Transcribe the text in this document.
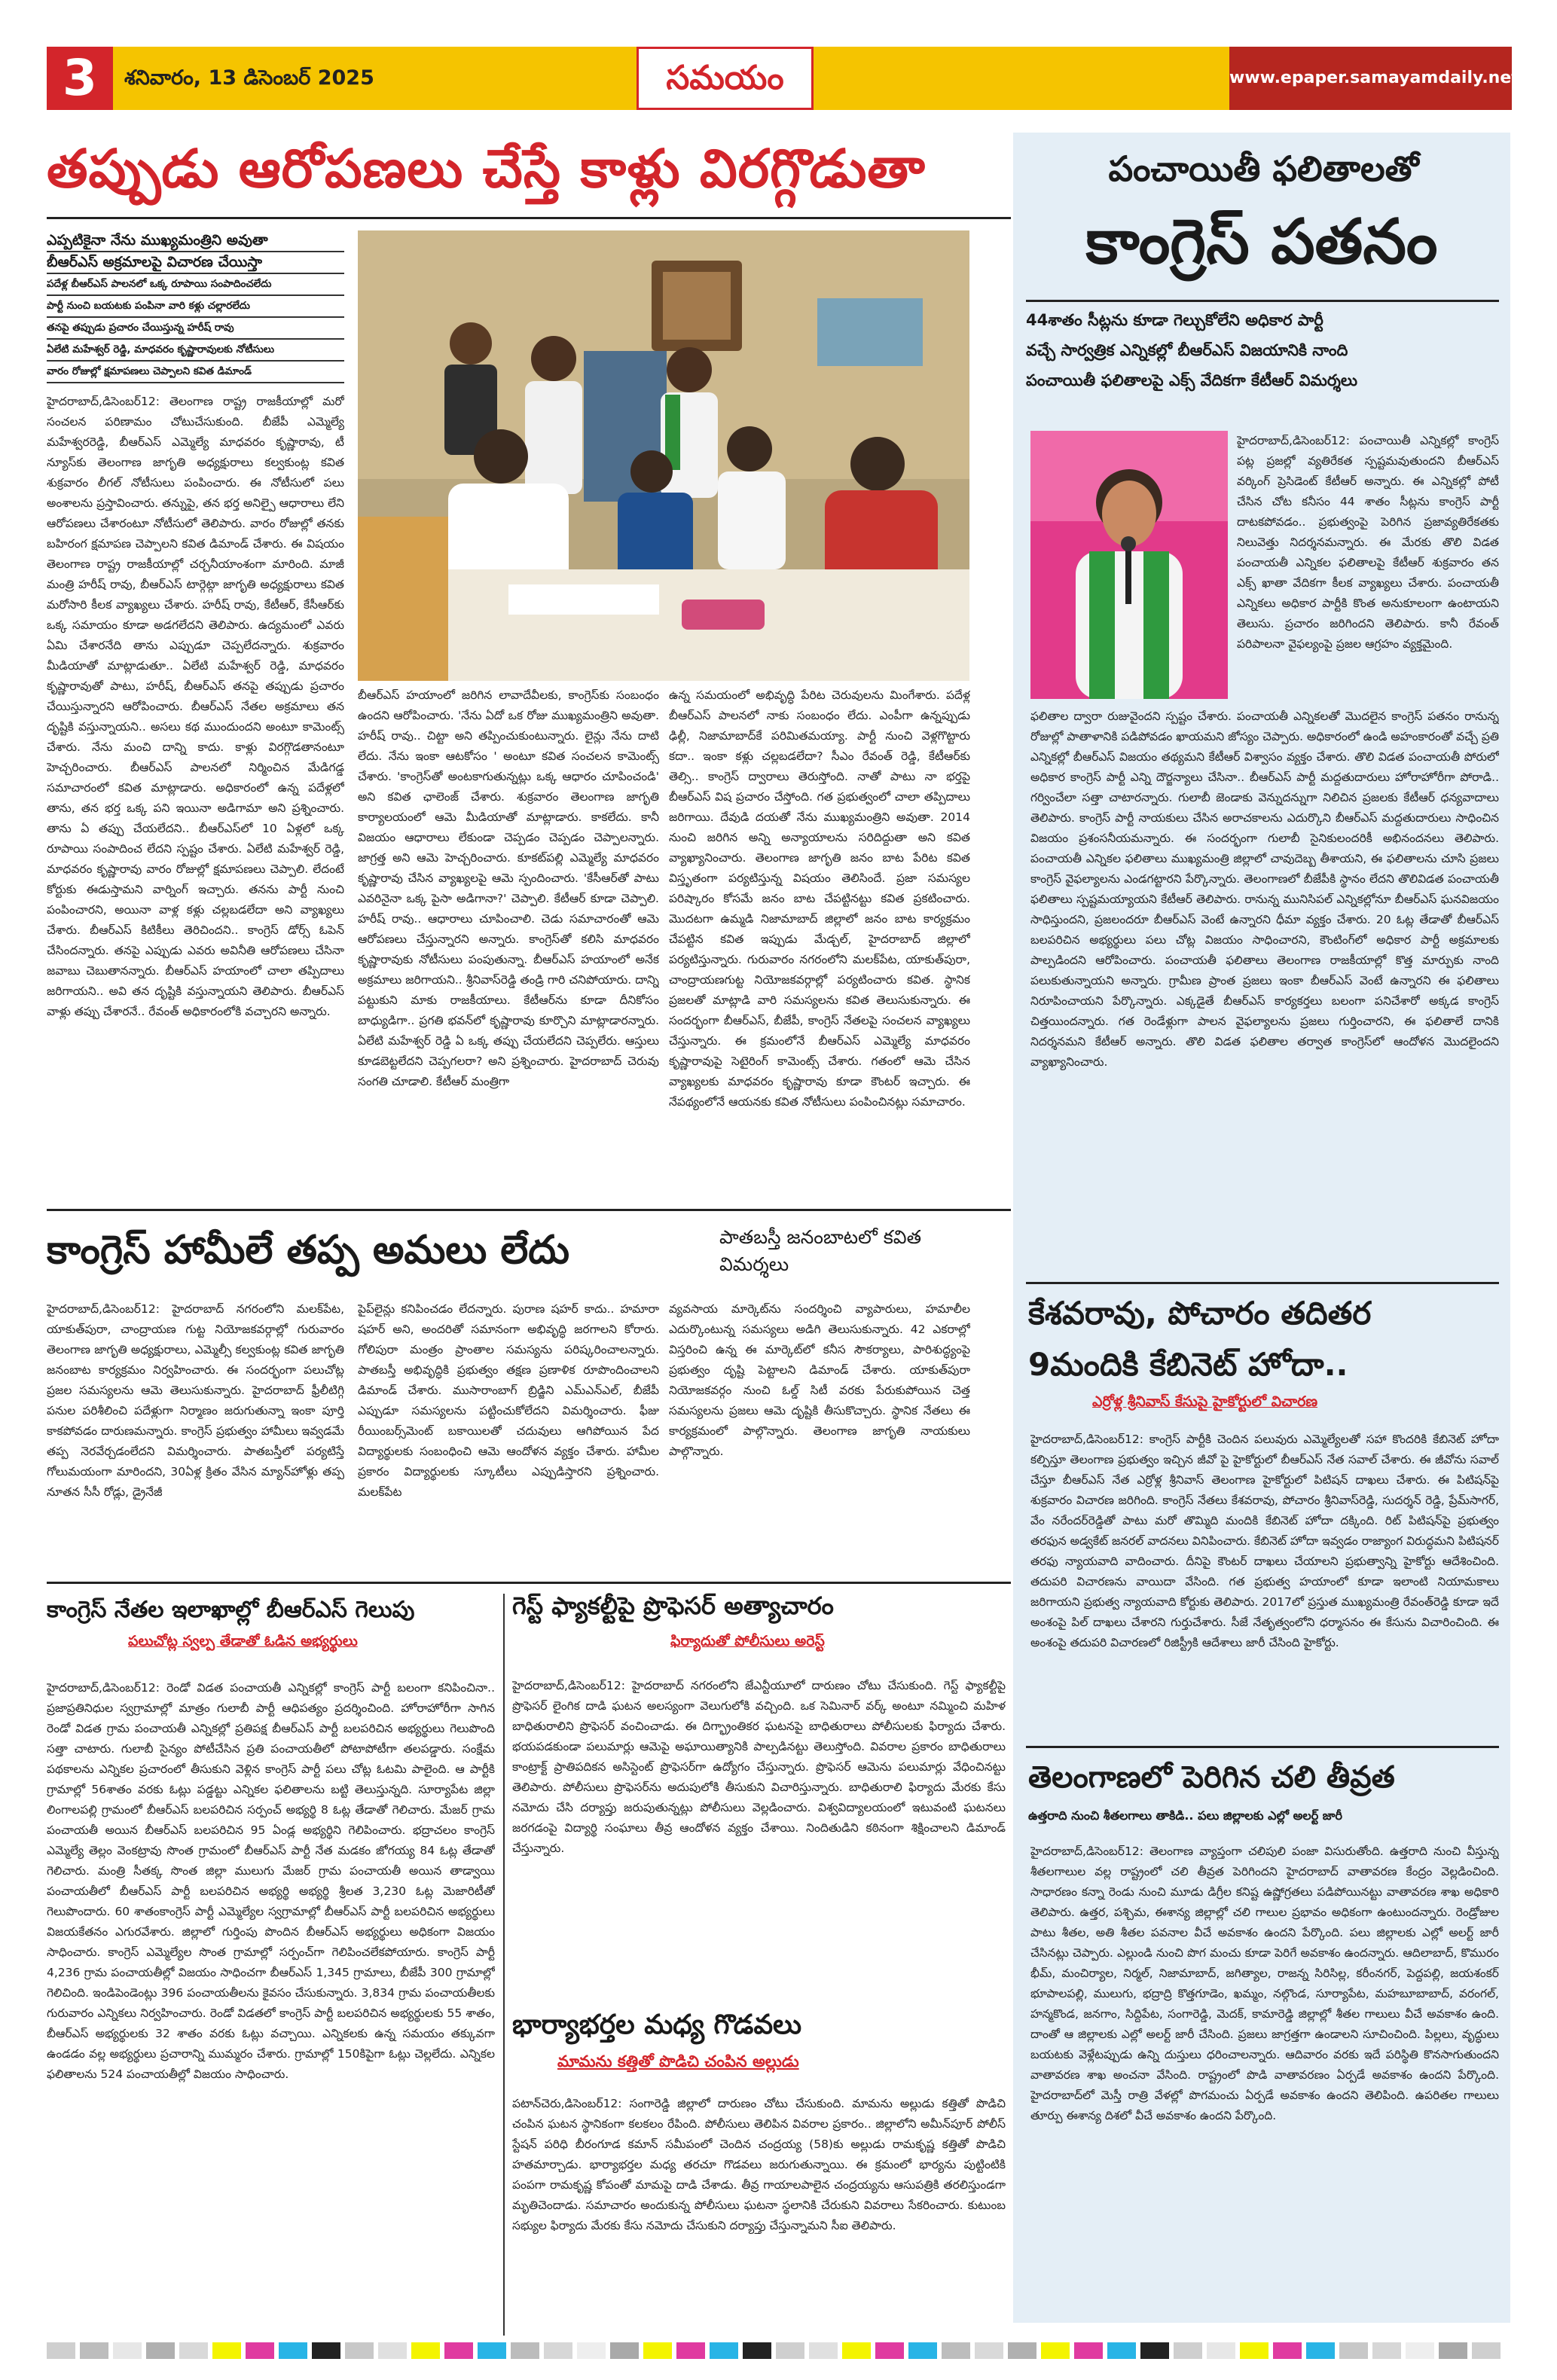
3	శనివారం, 13 డిసెంబర్ 2025	సమయం	www.epaper.samayamdaily.net
తప్పుడు ఆరోపణలు చేస్తే కాళ్లు విరగ్గొడుతా
ఎప్పటికైనా నేను ముఖ్యమంత్రిని అవుతా
బీఆర్ఎస్ అక్రమాలపై విచారణ చేయిస్తా
పదేళ్ల బీఆర్ఎస్ పాలనలో ఒక్క రూపాయి సంపాదించలేదు
పార్టీ నుంచి బయటకు పంపినా వారి కళ్లు చల్లారలేదు
తనపై తప్పుడు ప్రచారం చేయిస్తున్న హరీష్ రావు
ఏలేటి మహేశ్వర్ రెడ్డి, మాధవరం కృష్ణారావులకు నోటీసులు
వారం రోజుల్లో క్షమాపణలు చెప్పాలని కవిత డిమాండ్
హైదరాబాద్,డిసెంబర్12: తెలంగాణ రాష్ట్ర రాజకీయాల్లో మరో సంచలన పరిణామం చోటుచేసుకుంది. బీజేపీ ఎమ్మెల్యే మహేశ్వరరెడ్డి, బీఆర్ఎస్ ఎమ్మెల్యే మాధవరం కృష్ణారావు, టీ న్యూస్‌కు తెలంగాణ జాగృతి అధ్యక్షురాలు కల్వకుంట్ల కవిత శుక్రవారం లీగల్ నోటీసులు పంపించారు. ఈ నోటీసులో పలు అంశాలను ప్రస్తావించారు. తన్నుపై, తన భర్త అనిల్పై ఆధారాలు లేని ఆరోపణలు చేశారంటూ నోటీసులో తెలిపారు. వారం రోజుల్లో తనకు బహిరంగ క్షమాపణ చెప్పాలని కవిత డిమాండ్ చేశారు. ఈ విషయం తెలంగాణ రాష్ట్ర రాజకీయాల్లో చర్చనీయాంశంగా మారింది. మాజీ మంత్రి హరీష్ రావు, బీఆర్ఎస్ టార్గెట్గా జాగృతి అధ్యక్షురాలు కవిత మరోసారి కీలక వ్యాఖ్యలు చేశారు. హరీష్ రావు, కేటీఆర్, కేసీఆర్‌కు ఒక్క సమాయం కూడా అడగలేదని తెలిపారు. ఉద్యమంలో ఎవరు ఏమి చేశారనేది తాను ఎప్పుడూ చెప్పలేదన్నారు. శుక్రవారం మీడియాతో మాట్లాడుతూ.. ఏలేటి మహేశ్వర్ రెడ్డి, మాధవరం కృష్ణారావుతో పాటు, హరీష్, బీఆర్ఎస్ తనపై తప్పుడు ప్రచారం చేయిస్తున్నారని ఆరోపించారు. బీఆర్ఎస్ నేతల అక్రమాలు తన దృష్టికి వస్తున్నాయని.. అసలు కథ ముందుందని అంటూ కామెంట్స్ చేశారు. నేను మంచి దాన్ని కాదు. కాళ్లు విరగ్గొడతానంటూ హెచ్చరించారు. బీఆర్ఎస్ పాలనలో నిర్మించిన మేడిగడ్డ సమాచారంలో కవిత మాట్లాడారు. అధికారంలో ఉన్న పదేళ్లలో తాను, తన భర్త ఒక్క పని ఇయినా అడిగామా అని ప్రశ్నించారు. తాను ఏ తప్పు చేయలేదని.. బీఆర్ఎస్‌లో 10 ఏళ్లలో ఒక్క రూపాయి సంపాదించ లేదని స్పష్టం చేశారు. ఏలేటి మహేశ్వర్ రెడ్డి, మాధవరం కృష్ణారావు వారం రోజుల్లో క్షమాపణలు చెప్పాలి. లేదంటే కోర్టుకు ఈడుస్తామని వార్నింగ్ ఇచ్చారు. తనను పార్టీ నుంచి పంపించారని, అయినా వాళ్ల కళ్లు చల్లబడలేదా అని వ్యాఖ్యలు చేశారు. బీఆర్ఎస్ కిటికీలు తెరిచిందని.. కాంగ్రెస్ డోర్స్ ఓపెన్ చేసిందన్నారు. తనపై ఎప్పుడు ఎవరు అవినీతి ఆరోపణలు చేసినా జవాబు చెబుతానన్నారు. బీఆర్ఎస్ హయాంలో చాలా తప్పిదాలు జరిగాయని.. అవి తన దృష్టికి వస్తున్నాయని తెలిపారు. బీఆర్ఎస్ వాళ్లు తప్పు చేశారనే.. రేవంత్ అధికారంలోకి వచ్చారని అన్నారు.
బీఆర్ఎస్ హయాంలో జరిగిన లావాదేవీలకు, కాంగ్రెస్‌కు సంబంధం ఉందని ఆరోపించారు. 'నేను ఏదో ఒక రోజు ముఖ్యమంత్రిని అవుతా. హరీష్ రావు.. చిట్టా అని తప్పించుకుంటున్నారు. లైన్లు నేను దాటి లేదు. నేను ఇంకా ఆటకోసం ' అంటూ కవిత సంచలన కామెంట్స్ చేశారు. 'కాంగ్రెస్‌తో అంటకాగుతున్నట్లు ఒక్క ఆధారం చూపించండి' అని కవిత ఛాలెంజ్ చేశారు. శుక్రవారం తెలంగాణ జాగృతి కార్యాలయంలో ఆమె మీడియాతో మాట్లాడారు. కాకలేదు. కానీ విజయం ఆధారాలు లేకుండా చెప్పడం చెప్పడం చెప్పాలన్నారు. జాగ్రత్త అని ఆమె హెచ్చరించారు. కూకట్‌పల్లి ఎమ్మెల్యే మాధవరం కృష్ణారావు చేసిన వ్యాఖ్యలపై ఆమె స్పందించారు. 'కేసీఆర్‌తో పాటు ఎవరినైనా ఒక్క పైసా అడిగానా?' చెప్పాలి. కేటీఆర్ కూడా చెప్పాలి. హరీష్ రావు.. ఆధారాలు చూపించాలి. చెడు సమాచారంతో ఆమె ఆరోపణలు చేస్తున్నారని అన్నారు. కాంగ్రెస్‌తో కలిసి మాధవరం కృష్ణారావుకు నోటీసులు పంపుతున్నా. బీఆర్ఎస్ హయాంలో అనేక అక్రమాలు జరిగాయని.. శ్రీనివాస్‌రెడ్డి తండ్రి గారి చనిపోయారు. దాన్ని పట్టుకుని మాకు రాజకీయాలు. కేటీఆర్‌ను కూడా దీనికోసం బాధ్యుడిగా.. ప్రగతి భవన్‌లో కృష్ణారావు కూర్చొని మాట్లాడారన్నారు. ఏలేటి మహేశ్వర్ రెడ్డి ఏ ఒక్క తప్పు చేయలేదని చెప్పలేరు. ఆస్తులు కూడబెట్టలేదని చెప్పగలరా? అని ప్రశ్నించారు. హైదరాబాద్ చెరువు సంగతి చూడాలి. కేటీఆర్ మంత్రిగా
ఉన్న సమయంలో అభివృద్ధి పేరిట చెరువులను మింగేశారు. పదేళ్ల బీఆర్ఎస్ పాలనలో నాకు సంబంధం లేదు. ఎంపీగా ఉన్నప్పుడు ఢిల్లీ, నిజామాబాద్‌కే పరిమితమయ్యా. పార్టీ నుంచి వెళ్లగొట్టారు కదా.. ఇంకా కళ్లు చల్లబడలేదా? సీఎం రేవంత్ రెడ్డి, కేటీఆర్‌కు తెల్సి.. కాంగ్రెస్ ద్వారాలు తెరుస్తోంది. నాతో పాటు నా భర్తపై బీఆర్ఎస్ విష ప్రచారం చేస్తోంది. గత ప్రభుత్వంలో చాలా తప్పిదాలు జరిగాయి. దేవుడి దయతో నేను ముఖ్యమంత్రిని అవుతా. 2014 నుంచి జరిగిన అన్ని అన్యాయాలను సరిదిద్దుతా అని కవిత వ్యాఖ్యానించారు. తెలంగాణ జాగృతి జనం బాట పేరిట కవిత విస్తృతంగా పర్యటిస్తున్న విషయం తెలిసిందే. ప్రజా సమస్యల పరిష్కారం కోసమే జనం బాట చేపట్టినట్టు కవిత ప్రకటించారు. మొదటగా ఉమ్మడి నిజామాబాద్ జిల్లాలో జనం బాట కార్యక్రమం చేపట్టిన కవిత ఇప్పుడు మేడ్చల్, హైదరాబాద్ జిల్లాలో పర్యటిస్తున్నారు. గురువారం నగరంలోని మలక్‌పేట, యాకుత్‌పురా, చాంద్రాయణగుట్ట నియోజకవర్గాల్లో పర్యటించారు కవిత. స్థానిక ప్రజలతో మాట్లాడి వారి సమస్యలను కవిత తెలుసుకున్నారు. ఈ సందర్భంగా బీఆర్ఎస్, బీజేపీ, కాంగ్రెస్ నేతలపై సంచలన వ్యాఖ్యలు చేస్తున్నారు. ఈ క్రమంలోనే బీఆర్ఎస్ ఎమ్మెల్యే మాధవరం కృష్ణారావుపై సెటైరింగ్ కామెంట్స్ చేశారు. గతంలో ఆమె చేసిన వ్యాఖ్యలకు మాధవరం కృష్ణారావు కూడా కౌంటర్ ఇచ్చారు. ఈ నేపథ్యంలోనే ఆయనకు కవిత నోటీసులు పంపించినట్లు సమాచారం.
కాంగ్రెస్ హామీలే తప్ప అమలు లేదు	పాతబస్తీ జనంబాటలో కవిత విమర్శలు
హైదరాబాద్,డిసెంబర్12: హైదరాబాద్ నగరంలోని మలక్‌పేట, యాకుత్‌పురా, చాంద్రాయణ గుట్ట నియోజకవర్గాల్లో గురువారం తెలంగాణ జాగృతి అధ్యక్షురాలు, ఎమ్మెల్సీ కల్వకుంట్ల కవిత జాగృతి జనంబాట కార్యక్రమం నిర్వహించారు. ఈ సందర్భంగా పలుచోట్ల ప్రజల సమస్యలను ఆమె తెలుసుకున్నారు. హైదరాబాద్‌ ఫ్రీలీటిగ్గి పనుల పరిశీలించి పదేళ్లుగా నిర్మాణం జరుగుతున్నా ఇంకా పూర్తి కాకపోవడం దారుణమన్నారు. కాంగ్రెస్ ప్రభుత్వం హామీలు ఇవ్వడమే తప్ప నెరవేర్చడంలేదని విమర్శించారు. పాతబస్తీలో పర్యటిస్తే గోలుమయంగా మారిందని, 30ఏళ్ల క్రితం వేసిన మ్యాన్‌హోళ్లు తప్ప నూతన సీసీ రోడ్లు, డ్రైనేజీ
పైప్‌లైన్లు కనిపించడం లేదన్నారు. పురాణ షహర్ కాదు.. హమారా షహర్ అని, అందరితో సమానంగా అభివృద్ధి జరగాలని కోరారు. గోలిపురా మంత్రం ప్రాంతాల సమస్యను పరిష్కరించాలన్నారు. పాతబస్తీ అభివృద్ధికి ప్రభుత్వం తక్షణ ప్రణాళిక రూపొందించాలని డిమాండ్ చేశారు. ముసారాంబాగ్ బ్రిడ్జిని ఎమ్ఎన్ఎల్, బీజేపీ ఎప్పుడూ సమస్యలను పట్టించుకోలేదని విమర్శించారు. ఫీజు రీయింబర్స్‌మెంట్ బకాయిలతో చదువులు ఆగిపోయిన పేద విద్యార్థులకు సంబంధించి ఆమె ఆందోళన వ్యక్తం చేశారు. హామీల ప్రకారం విద్యార్థులకు స్కూటీలు ఎప్పుడిస్తారని ప్రశ్నించారు. మలక్‌పేట
వ్యవసాయ మార్కెట్‌ను సందర్శించి వ్యాపారులు, హమాలీల ఎదుర్కొంటున్న సమస్యలు అడిగి తెలుసుకున్నారు. 42 ఎకరాల్లో విస్తరించి ఉన్న ఈ మార్కెట్‌లో కనీస సౌకర్యాలు, పారిశుద్ధ్యంపై ప్రభుత్వం దృష్టి పెట్టాలని డిమాండ్ చేశారు. యాకుత్‌పురా నియోజకవర్గం నుంచి ఓల్డ్ సిటీ వరకు పేరుకుపోయిన చెత్త సమస్యలను ప్రజలు ఆమె దృష్టికి తీసుకొచ్చారు. స్థానిక నేతలు ఈ కార్యక్రమంలో పాల్గొన్నారు. తెలంగాణ జాగృతి నాయకులు పాల్గొన్నారు.
కాంగ్రెస్ నేతల ఇలాఖాల్లో బీఆర్ఎస్ గెలుపు
పలుచోట్ల స్వల్ప తేడాతో ఓడిన అభ్యర్థులు
హైదరాబాద్,డిసెంబర్12: రెండో విడత పంచాయతీ ఎన్నికల్లో కాంగ్రెస్ పార్టీ బలంగా కనిపించినా.. ప్రజాప్రతినిధుల స్వగ్రామాల్లో మాత్రం గులాబీ పార్టీ ఆధిపత్యం ప్రదర్శించింది. హోరాహోరీగా సాగిన రెండో విడత గ్రామ పంచాయతీ ఎన్నికల్లో ప్రతిపక్ష బీఆర్ఎస్ పార్టీ బలపరిచిన అభ్యర్థులు గెలుపొంది సత్తా చాటారు. గులాబీ సైన్యం పోటీచేసిన ప్రతి పంచాయతీలో పోటాపోటీగా తలపడ్డారు. సంక్షేమ పథకాలను ఎన్నికల ప్రచారంలో తీసుకుని వెళ్లిన కాంగ్రెస్ పార్టీ పలు చోట్ల ఓటమి పాలైంది. ఆ పార్టీకి గ్రామాల్లో 56శాతం వరకు ఓట్లు పడ్డట్టు ఎన్నికల ఫలితాలను బట్టి తెలుస్తున్నది. సూర్యాపేట జిల్లా లింగాలపల్లి గ్రామంలో బీఆర్ఎస్ బలపరిచిన సర్పంచ్ అభ్యర్థి 8 ఓట్ల తేడాతో గెలిచారు. మేజర్ గ్రామ పంచాయతీ అయిన బీఆర్ఎస్ బలపరిచిన 95 ఏండ్ల అభ్యర్థిని గెలిపించారు. భద్రాచలం కాంగ్రెస్ ఎమ్మెల్యే తెల్లం వెంకట్రావు సొంత గ్రామంలో బీఆర్ఎస్ పార్టీ నేత మడకం జోగయ్య 84 ఓట్ల తేడాతో గెలిచారు. మంత్రి సీతక్క సొంత జిల్లా ములుగు మేజర్ గ్రామ పంచాయతీ అయిన తాడ్వాయి పంచాయతీలో బీఆర్ఎస్ పార్టీ బలపరిచిన అభ్యర్థి అభ్యర్థి శ్రీలత 3,230 ఓట్ల మెజారిటీతో గెలుపొందారు. 60 శాతంకాంగ్రెస్ పార్టీ ఎమ్మెల్యేల స్వగ్రామాల్లో బీఆర్ఎస్ పార్టీ బలపరిచిన అభ్యర్థులు విజయకేతనం ఎగురవేశారు. జిల్లాలో గుర్తింపు పొందిన బీఆర్ఎస్ అభ్యర్థులు అధికంగా విజయం సాధించారు. కాంగ్రెస్ ఎమ్మెల్యేల సొంత గ్రామాల్లో సర్పంచ్‌గా గెలిపించలేకపోయారు. కాంగ్రెస్ పార్టీ 4,236 గ్రామ పంచాయతీల్లో విజయం సాధించగా బీఆర్ఎస్ 1,345 గ్రామాలు, బీజేపీ 300 గ్రామాల్లో గెలిచింది. ఇండిపెండెంట్లు 396 పంచాయతీలను కైవసం చేసుకున్నారు. 3,834 గ్రామ పంచాయతీలకు గురువారం ఎన్నికలు నిర్వహించారు. రెండో విడతలో కాంగ్రెస్ పార్టీ బలపరిచిన అభ్యర్థులకు 55 శాతం, బీఆర్ఎస్ అభ్యర్థులకు 32 శాతం వరకు ఓట్లు వచ్చాయి. ఎన్నికలకు ఉన్న సమయం తక్కువగా ఉండడం వల్ల అభ్యర్థులు ప్రచారాన్ని ముమ్మరం చేశారు. గ్రామాల్లో 150కిపైగా ఓట్లు చెల్లలేదు. ఎన్నికల ఫలితాలను 524 పంచాయతీల్లో విజయం సాధించారు.
గెస్ట్ ఫ్యాకల్టీపై ప్రొఫెసర్ అత్యాచారం
ఫిర్యాదుతో పోలీసులు అరెస్ట్
హైదరాబాద్,డిసెంబర్12: హైదరాబాద్ నగరంలోని జేఎన్టీయూలో దారుణం చోటు చేసుకుంది. గెస్ట్ ఫ్యాకల్టీపై ప్రొఫెసర్ లైంగిక దాడి ఘటన అలస్యంగా వెలుగులోకి వచ్చింది. ఒక సెమినార్ వర్క్ అంటూ నమ్మించి మహిళ బాధితురాలిని ప్రొఫెసర్ వంచించాడు. ఈ దిగ్భ్రాంతికర ఘటనపై బాధితురాలు పోలీసులకు ఫిర్యాదు చేశారు. భయపడకుండా పలుమార్లు ఆమెపై అఘాయిత్యానికి పాల్పడినట్టు తెలుస్తోంది. వివరాల ప్రకారం బాధితురాలు కాంట్రాక్ట్ ప్రాతిపదికన అసిస్టెంట్ ప్రొఫెసర్‌గా ఉద్యోగం చేస్తున్నారు. ప్రొఫెసర్ ఆమెను పలుమార్లు వేధించినట్టు తెలిపారు. పోలీసులు ప్రొఫెసర్‌ను అదుపులోకి తీసుకుని విచారిస్తున్నారు. బాధితురాలి ఫిర్యాదు మేరకు కేసు నమోదు చేసి దర్యాప్తు జరుపుతున్నట్లు పోలీసులు వెల్లడించారు. విశ్వవిద్యాలయంలో ఇటువంటి ఘటనలు జరగడంపై విద్యార్థి సంఘాలు తీవ్ర ఆందోళన వ్యక్తం చేశాయి. నిందితుడిని కఠినంగా శిక్షించాలని డిమాండ్ చేస్తున్నారు.
భార్యాభర్తల మధ్య గొడవలు
మామను కత్తితో పొడిచి చంపిన అల్లుడు
పటాన్‌చెరు,డిసెంబర్12: సంగారెడ్డి జిల్లాలో దారుణం చోటు చేసుకుంది. మామను అల్లుడు కత్తితో పొడిచి చంపిన ఘటన స్థానికంగా కలకలం రేపింది. పోలీసులు తెలిపిన వివరాల ప్రకారం.. జిల్లాలోని అమీన్‌పూర్ పోలీస్ స్టేషన్ పరిధి బీరంగూడ కమాన్ సమీపంలో చెందిన చంద్రయ్య (58)కు అల్లుడు రామకృష్ణ కత్తితో పొడిచి హతమార్చాడు. భార్యాభర్తల మధ్య తరచూ గొడవలు జరుగుతున్నాయి. ఈ క్రమంలో భార్యను పుట్టింటికి పంపగా రామకృష్ణ కోపంతో మామపై దాడి చేశాడు. తీవ్ర గాయాలపాలైన చంద్రయ్యను ఆసుపత్రికి తరలిస్తుండగా మృతిచెందాడు. సమాచారం అందుకున్న పోలీసులు ఘటనా స్థలానికి చేరుకుని వివరాలు సేకరించారు. కుటుంబ సభ్యుల ఫిర్యాదు మేరకు కేసు నమోదు చేసుకుని దర్యాప్తు చేస్తున్నామని సీఐ తెలిపారు.
పంచాయితీ ఫలితాలతో
కాంగ్రెస్ పతనం
44శాతం సీట్లను కూడా గెల్చుకోలేని అధికార పార్టీ
వచ్చే సార్వత్రిక ఎన్నికల్లో బీఆర్ఎస్ విజయానికి నాంది
పంచాయితీ ఫలితాలపై ఎక్స్ వేదికగా కేటీఆర్ విమర్శలు
హైదరాబాద్,డిసెంబర్12: పంచాయితీ ఎన్నికల్లో కాంగ్రెస్ పట్ల ప్రజల్లో వ్యతిరేకత స్పష్టమవుతుందని బీఆర్ఎస్ వర్కింగ్ ప్రెసిడెంట్ కేటీఆర్ అన్నారు. ఈ ఎన్నికల్లో పోటీ చేసిన చోట కనీసం 44 శాతం సీట్లను కాంగ్రెస్ పార్టీ దాటకపోవడం.. ప్రభుత్వంపై పెరిగిన ప్రజావ్యతిరేకతకు నిలువెత్తు నిదర్శనమన్నారు. ఈ మేరకు తొలి విడత పంచాయతీ ఎన్నికల ఫలితాలపై కేటీఆర్ శుక్రవారం తన ఎక్స్ ఖాతా వేదికగా కీలక వ్యాఖ్యలు చేశారు. పంచాయతీ ఎన్నికలు అధికార పార్టీకి కొంత అనుకూలంగా ఉంటాయని తెలుసు. ప్రచారం జరిగిందని తెలిపారు. కానీ రేవంత్ పరిపాలనా వైఫల్యంపై ప్రజల ఆగ్రహం వ్యక్తమైంది.
ఫలితాల ద్వారా రుజువైందని స్పష్టం చేశారు. పంచాయతీ ఎన్నికలతో మొదలైన కాంగ్రెస్ పతనం రానున్న రోజుల్లో పాతాళానికి పడిపోవడం ఖాయమని జోస్యం చెప్పారు. అధికారంలో ఉండి అహంకారంతో వచ్చే ప్రతి ఎన్నికల్లో బీఆర్ఎస్ విజయం తథ్యమని కేటీఆర్ విశ్వాసం వ్యక్తం చేశారు. తొలి విడత పంచాయతీ పోరులో అధికార కాంగ్రెస్ పార్టీ ఎన్ని దౌర్జన్యాలు చేసినా.. బీఆర్ఎస్ పార్టీ మద్దతుదారులు హోరాహోరీగా పోరాడి.. గర్వించేలా సత్తా చాటారన్నారు. గులాబీ జెండాకు వెన్నుదన్నుగా నిలిచిన ప్రజలకు కేటీఆర్ ధన్యవాదాలు తెలిపారు. కాంగ్రెస్ పార్టీ నాయకులు చేసిన అరాచకాలను ఎదుర్కొని బీఆర్ఎస్ మద్దతుదారులు సాధించిన విజయం ప్రశంసనీయమన్నారు. ఈ సందర్భంగా గులాబీ సైనికులందరికీ అభినందనలు తెలిపారు. పంచాయతీ ఎన్నికల ఫలితాలు ముఖ్యమంత్రి జిల్లాలో చావుదెబ్బ తీశాయని, ఈ ఫలితాలను చూసి ప్రజలు కాంగ్రెస్ వైఫల్యాలను ఎండగట్టారని పేర్కొన్నారు. తెలంగాణలో బీజేపీకి స్థానం లేదని తొలివిడత పంచాయతీ ఫలితాలు స్పష్టమయ్యాయని కేటీఆర్ తెలిపారు. రానున్న మునిసిపల్ ఎన్నికల్లోనూ బీఆర్ఎస్ ఘనవిజయం సాధిస్తుందని, ప్రజలందరూ బీఆర్ఎస్ వెంటే ఉన్నారని ధీమా వ్యక్తం చేశారు. 20 ఓట్ల తేడాతో బీఆర్ఎస్ బలపరిచిన అభ్యర్థులు పలు చోట్ల విజయం సాధించారని, కౌంటింగ్‌లో అధికార పార్టీ అక్రమాలకు పాల్పడిందని ఆరోపించారు. పంచాయతీ ఫలితాలు తెలంగాణ రాజకీయాల్లో కొత్త మార్పుకు నాంది పలుకుతున్నాయని అన్నారు. గ్రామీణ ప్రాంత ప్రజలు ఇంకా బీఆర్ఎస్ వెంటే ఉన్నారని ఈ ఫలితాలు నిరూపించాయని పేర్కొన్నారు. ఎక్కడైతే బీఆర్ఎస్ కార్యకర్తలు బలంగా పనిచేశారో అక్కడ కాంగ్రెస్ చిత్తయిందన్నారు. గత రెండేళ్లుగా పాలన వైఫల్యాలను ప్రజలు గుర్తించారని, ఈ ఫలితాలే దానికి నిదర్శనమని కేటీఆర్ అన్నారు. తొలి విడత ఫలితాల తర్వాత కాంగ్రెస్‌లో ఆందోళన మొదలైందని వ్యాఖ్యానించారు.
కేశవరావు, పోచారం తదితర
9మందికి కేబినెట్ హోదా..
ఎర్రోళ్ల శ్రీనివాస్ కేసుపై హైకోర్టులో విచారణ
హైదరాబాద్,డిసెంబర్12: కాంగ్రెస్ పార్టీకి చెందిన పలువురు ఎమ్మెల్యేలతో సహా కొందరికి కేబినెట్ హోదా కల్పిస్తూ తెలంగాణ ప్రభుత్వం ఇచ్చిన జీవో పై హైకోర్టులో బీఆర్ఎస్ నేత సవాల్ చేశారు. ఈ జీవోను సవాల్ చేస్తూ బీఆర్ఎస్ నేత ఎర్రోళ్ల శ్రీనివాస్ తెలంగాణ హైకోర్టులో పిటిషన్ దాఖలు చేశారు. ఈ పిటిషన్‌పై శుక్రవారం విచారణ జరిగింది. కాంగ్రెస్ నేతలు కేశవరావు, పోచారం శ్రీనివాస్‌రెడ్డి, సుదర్శన్ రెడ్డి, ప్రేమ్‌సాగర్, వేం నరేందర్‌రెడ్డితో పాటు మరో తొమ్మిది మందికి కేబినెట్ హోదా దక్కింది. రిట్ పిటిషన్‌పై ప్రభుత్వం తరఫున అడ్వకేట్ జనరల్ వాదనలు వినిపించారు. కేబినెట్ హోదా ఇవ్వడం రాజ్యాంగ విరుద్ధమని పిటిషనర్ తరఫు న్యాయవాది వాదించారు. దీనిపై కౌంటర్ దాఖలు చేయాలని ప్రభుత్వాన్ని హైకోర్టు ఆదేశించింది. తదుపరి విచారణను వాయిదా వేసింది. గత ప్రభుత్వ హయాంలో కూడా ఇలాంటి నియామకాలు జరిగాయని ప్రభుత్వ న్యాయవాది కోర్టుకు తెలిపారు. 2017లో ప్రస్తుత ముఖ్యమంత్రి రేవంత్‌రెడ్డి కూడా ఇదే అంశంపై పిల్ దాఖలు చేశారని గుర్తుచేశారు. సీజే నేతృత్వంలోని ధర్మాసనం ఈ కేసును విచారించింది. ఈ అంశంపై తదుపరి విచారణలో రిజిస్ట్రీకి ఆదేశాలు జారీ చేసింది హైకోర్టు.
తెలంగాణలో పెరిగిన చలి తీవ్రత
ఉత్తరాది నుంచి శీతలగాలు తాకిడి.. పలు జిల్లాలకు ఎల్లో అలర్ట్ జారీ
హైదరాబాద్,డిసెంబర్12: తెలంగాణ వ్యాప్తంగా చలిపులి పంజా విసురుతోంది. ఉత్తరాది నుంచి వీస్తున్న శీతలగాలుల వల్ల రాష్ట్రంలో చలి తీవ్రత పెరిగిందని హైదరాబాద్ వాతావరణ కేంద్రం వెల్లడించింది. సాధారణం కన్నా రెండు నుంచి మూడు డిగ్రీల కనిష్ట ఉష్ణోగ్రతలు పడిపోయినట్టు వాతావరణ శాఖ అధికారి తెలిపారు. ఉత్తర, పశ్చిమ, ఈశాన్య జిల్లాల్లో చలి గాలుల ప్రభావం అధికంగా ఉంటుందన్నారు. రెండ్రోజుల పాటు శీతల, అతి శీతల పవనాల వీచే అవకాశం ఉందని పేర్కొంది. పలు జిల్లాలకు ఎల్లో అలర్ట్ జారీ చేసినట్లు చెప్పారు. ఎల్లుండి నుంచి పొగ మంచు కూడా పెరిగే అవకాశం ఉందన్నారు. ఆదిలాబాద్, కొమురం భీమ్, మంచిర్యాల, నిర్మల్, నిజామాబాద్, జగిత్యాల, రాజన్న సిరిసిల్ల, కరీంనగర్, పెద్దపల్లి, జయశంకర్ భూపాలపల్లి, ములుగు, భద్రాద్రి కొత్తగూడెం, ఖమ్మం, నల్గొండ, సూర్యాపేట, మహబూబాబాద్, వరంగల్, హన్మకొండ, జనగాం, సిద్దిపేట, సంగారెడ్డి, మెదక్, కామారెడ్డి జిల్లాల్లో శీతల గాలులు వీచే అవకాశం ఉంది. దాంతో ఆ జిల్లాలకు ఎల్లో అలర్ట్ జారీ చేసింది. ప్రజలు జాగ్రత్తగా ఉండాలని సూచించింది. పిల్లలు, వృద్ధులు బయటకు వెళ్లేటప్పుడు ఉన్ని దుస్తులు ధరించాలన్నారు. ఆదివారం వరకు ఇదే పరిస్థితి కొనసాగుతుందని వాతావరణ శాఖ అంచనా వేసింది. రాష్ట్రంలో పొడి వాతావరణం ఏర్పడే అవకాశం ఉందని పేర్కొంది. హైదరాబాద్‌లో మెస్తీ రాత్రి వేళల్లో పొగమంచు ఏర్పడే అవకాశం ఉందని తెలిపింది. ఉపరితల గాలులు తూర్పు ఈశాన్య దిశలో వీచే అవకాశం ఉందని పేర్కొంది.
